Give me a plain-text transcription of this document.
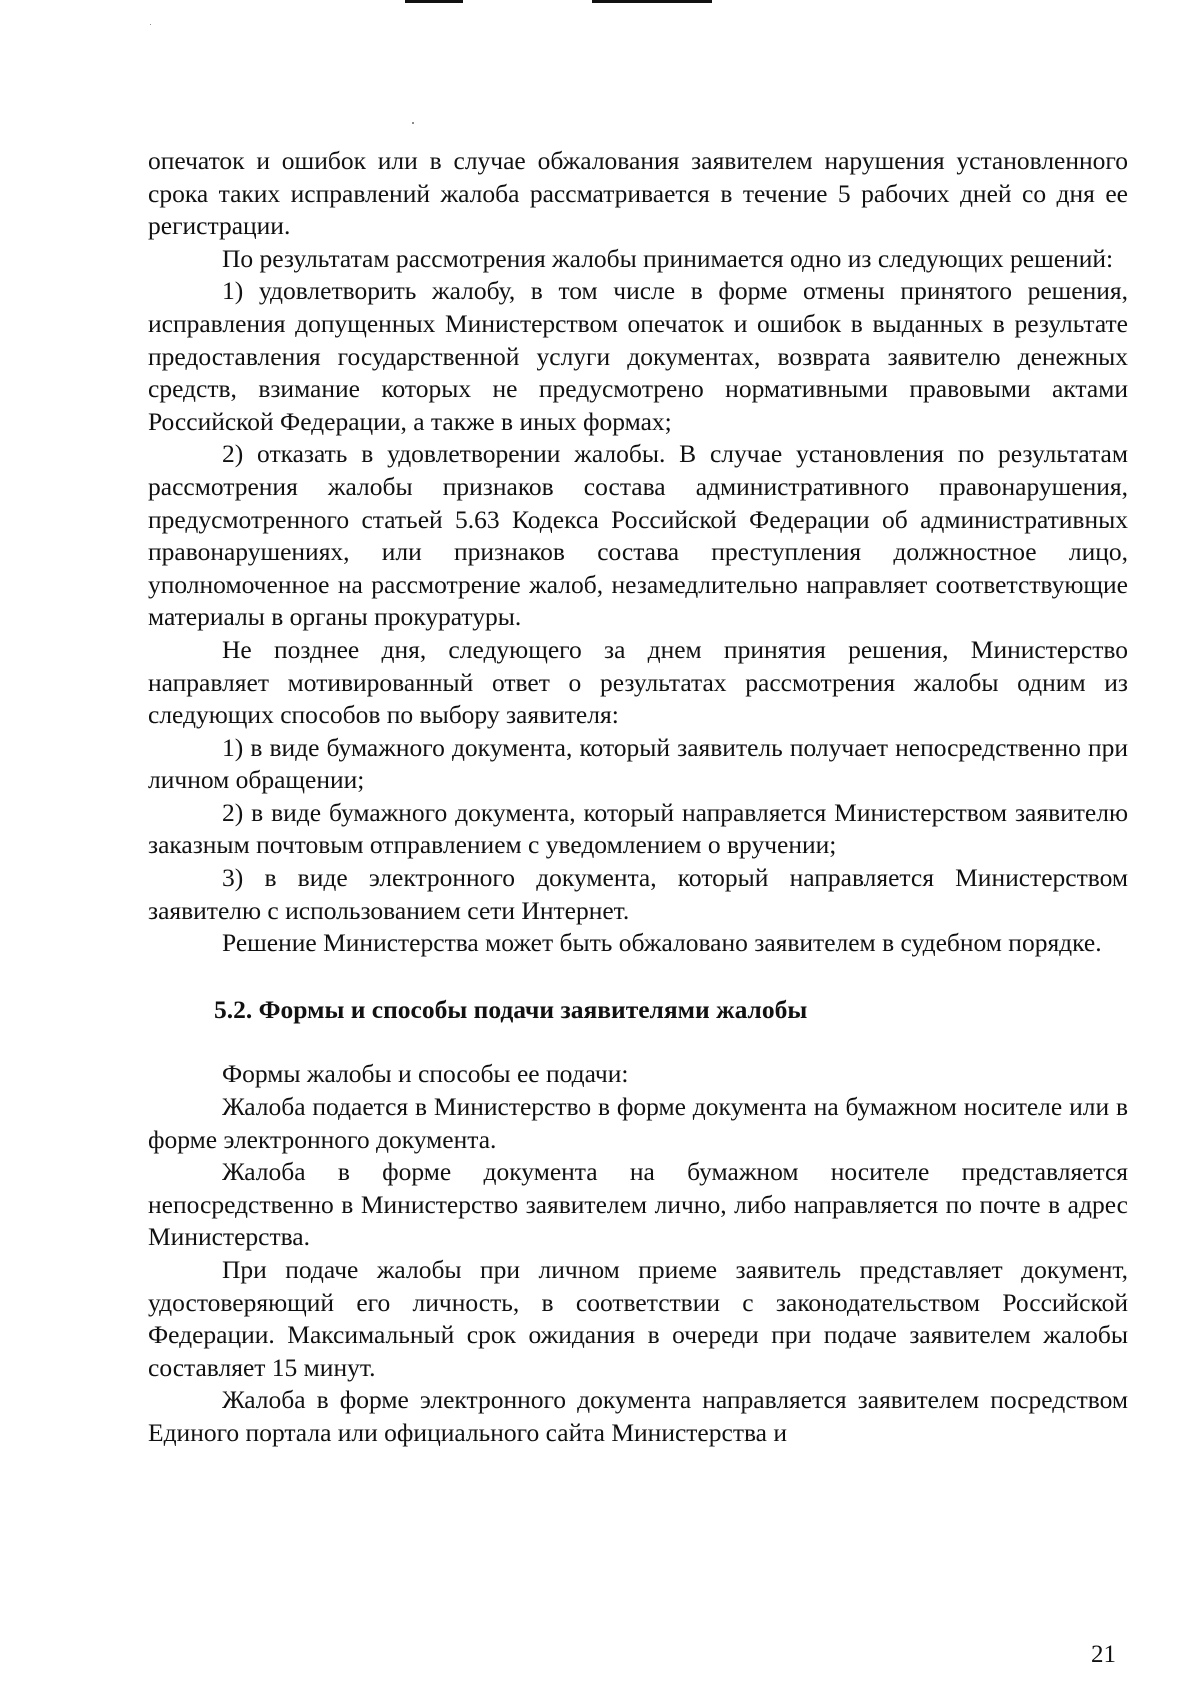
опечаток и ошибок или в случае обжалования заявителем нарушения установленного срока таких исправлений жалоба рассматривается в течение 5 рабочих дней со дня ее регистрации.

По результатам рассмотрения жалобы принимается одно из следующих решений:

1) удовлетворить жалобу, в том числе в форме отмены принятого решения, исправления допущенных Министерством опечаток и ошибок в выданных в результате предоставления государственной услуги документах, возврата заявителю денежных средств, взимание которых не предусмотрено нормативными правовыми актами Российской Федерации, а также в иных формах;

2) отказать в удовлетворении жалобы. В случае установления по результатам рассмотрения жалобы признаков состава административного правонарушения, предусмотренного статьей 5.63 Кодекса Российской Федерации об административных правонарушениях, или признаков состава преступления должностное лицо, уполномоченное на рассмотрение жалоб, незамедлительно направляет соответствующие материалы в органы прокуратуры.

Не позднее дня, следующего за днем принятия решения, Министерство направляет мотивированный ответ о результатах рассмотрения жалобы одним из следующих способов по выбору заявителя:

1) в виде бумажного документа, который заявитель получает непосредственно при личном обращении;

2) в виде бумажного документа, который направляется Министерством заявителю заказным почтовым отправлением с уведомлением о вручении;

3) в виде электронного документа, который направляется Министерством заявителю с использованием сети Интернет.

Решение Министерства может быть обжаловано заявителем в судебном порядке.

5.2. Формы и способы подачи заявителями жалобы

Формы жалобы и способы ее подачи:

Жалоба подается в Министерство в форме документа на бумажном носителе или в форме электронного документа.

Жалоба в форме документа на бумажном носителе представляется непосредственно в Министерство заявителем лично, либо направляется по почте в адрес Министерства.

При подаче жалобы при личном приеме заявитель представляет документ, удостоверяющий его личность, в соответствии с законодательством Российской Федерации. Максимальный срок ожидания в очереди при подаче заявителем жалобы составляет 15 минут.

Жалоба в форме электронного документа направляется заявителем посредством Единого портала или официального сайта Министерства и

21
